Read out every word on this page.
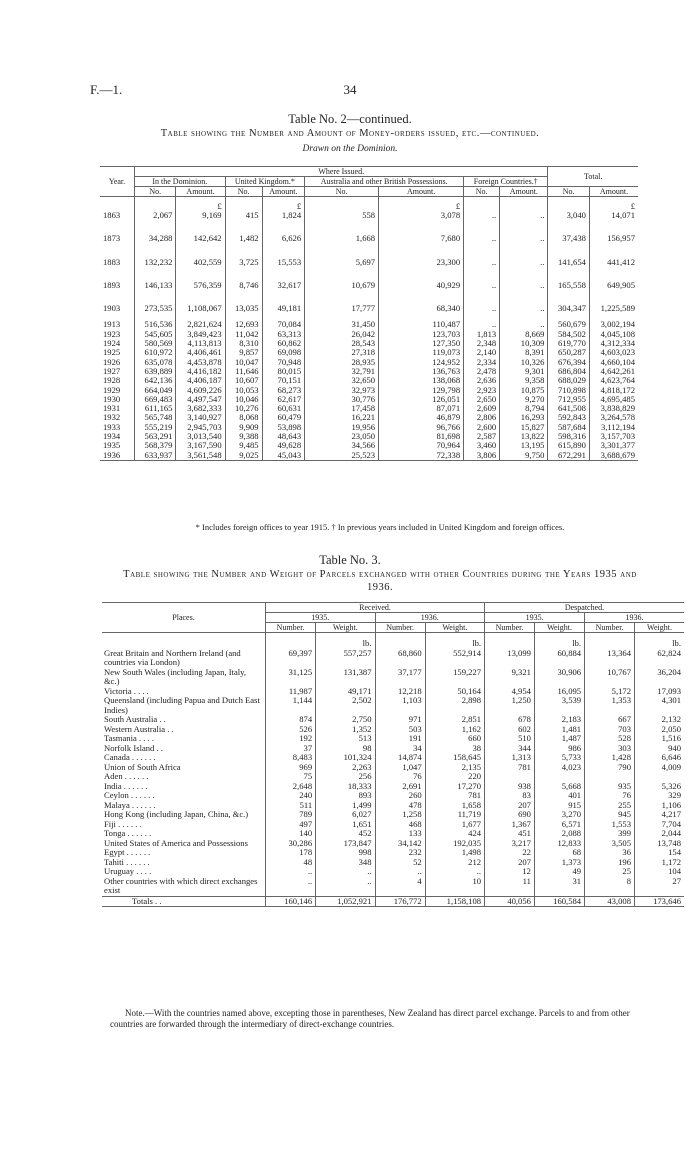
F.—1.	34
Table No. 2—continued.
Table showing the Number and Amount of Money-orders issued, etc.—continued.
Drawn on the Dominion.
Year.	Where Issued.								Total.	
	In the Dominion.		United Kingdom.*		Australia and other British Possessions.		Foreign Countries.†			
	No.	Amount.	No.	Amount.	No.	Amount.	No.	Amount.	No.	Amount.
		£		£		£				£
1863	2,067	9,169	415	1,824	558	3,078	..	..	3,040	14,071

1873	34,288	142,642	1,482	6,626	1,668	7,680	..	..	37,438	156,957

1883	132,232	402,559	3,725	15,553	5,697	23,300	..	..	141,654	441,412

1893	146,133	576,359	8,746	32,617	10,679	40,929	..	..	165,558	649,905

1903	273,535	1,108,067	13,035	49,181	17,777	68,340	..	..	304,347	1,225,589

1913	516,536	2,821,624	12,693	70,084	31,450	110,487	..	..	560,679	3,002,194
1923	545,605	3,849,423	11,042	63,313	26,042	123,703	1,813	8,669	584,502	4,045,108
1924	580,569	4,113,813	8,310	60,862	28,543	127,350	2,348	10,309	619,770	4,312,334
1925	610,972	4,406,461	9,857	69,098	27,318	119,073	2,140	8,391	650,287	4,603,023
1926	635,078	4,453,878	10,047	70,948	28,935	124,952	2,334	10,326	676,394	4,660,104
1927	639,889	4,416,182	11,646	80,015	32,791	136,763	2,478	9,301	686,804	4,642,261
1928	642,136	4,406,187	10,607	70,151	32,650	138,068	2,636	9,358	688,029	4,623,764
1929	664,049	4,609,226	10,053	68,273	32,973	129,798	2,923	10,875	710,898	4,818,172
1930	669,483	4,497,547	10,046	62,617	30,776	126,051	2,650	9,270	712,955	4,695,485
1931	611,165	3,682,333	10,276	60,631	17,458	87,071	2,609	8,794	641,508	3,838,829
1932	565,748	3,140,927	8,068	60,479	16,221	46,879	2,806	16,293	592,843	3,264,578
1933	555,219	2,945,703	9,909	53,898	19,956	96,766	2,600	15,827	587,684	3,112,194
1934	563,291	3,013,540	9,388	48,643	23,050	81,698	2,587	13,822	598,316	3,157,703
1935	568,379	3,167,590	9,485	49,628	34,566	70,964	3,460	13,195	615,890	3,301,377
1936	633,937	3,561,548	9,025	45,043	25,523	72,338	3,806	9,750	672,291	3,688,679
* Includes foreign offices to year 1915. † In previous years included in United Kingdom and foreign offices.
Table No. 3.
Table showing the Number and Weight of Parcels exchanged with other Countries during the Years 1935 and 1936.
Places.	Received.				Despatched.			
	1935.		1936.		1935.		1936.	
	Number.	Weight.	Number.	Weight.	Number.	Weight.	Number.	Weight.
		lb.		lb.		lb.		lb.
Great Britain and Northern Ireland (and countries via London)	69,397	557,257	68,860	552,914	13,099	60,884	13,364	62,824
New South Wales (including Japan, Italy, &c.)	31,125	131,387	37,177	159,227	9,321	30,906	10,767	36,204
Victoria . . . .	11,987	49,171	12,218	50,164	4,954	16,095	5,172	17,093
Queensland (including Papua and Dutch East Indies)	1,144	2,502	1,103	2,898	1,250	3,539	1,353	4,301
South Australia . .	874	2,750	971	2,851	678	2,183	667	2,132
Western Australia . .	526	1,352	503	1,162	602	1,481	703	2,050
Tasmania . . . .	192	513	191	660	510	1,487	528	1,516
Norfolk Island . .	37	98	34	38	344	986	303	940
Canada . . . . . .	8,483	101,324	14,874	158,645	1,313	5,733	1,428	6,646
Union of South Africa	969	2,263	1,047	2,135	781	4,023	790	4,009
Aden . . . . . .	75	256	76	220				
India . . . . . .	2,648	18,333	2,691	17,270	938	5,668	935	5,326
Ceylon . . . . . .	240	893	260	781	83	401	76	329
Malaya . . . . . .	511	1,499	478	1,658	207	915	255	1,106
Hong Kong (including Japan, China, &c.)	789	6,027	1,258	11,719	690	3,270	945	4,217
Fiji . . . . . .	497	1,651	468	1,677	1,367	6,571	1,553	7,704
Tonga . . . . . .	140	452	133	424	451	2,088	399	2,044
United States of America and Possessions	30,286	173,847	34,142	192,035	3,217	12,833	3,505	13,748
Egypt . . . . . .	178	998	232	1,498	22	68	36	154
Tahiti . . . . . .	48	348	52	212	207	1,373	196	1,172
Uruguay . . . .	..	..	..	..	12	49	25	104
Other countries with which direct exchanges exist	..	..	4	10	11	31	8	27
Totals . .	160,146	1,052,921	176,772	1,158,108	40,056	160,584	43,008	173,646
Note.—With the countries named above, excepting those in parentheses, New Zealand has direct parcel exchange. Parcels to and from other countries are forwarded through the intermediary of direct-exchange countries.
